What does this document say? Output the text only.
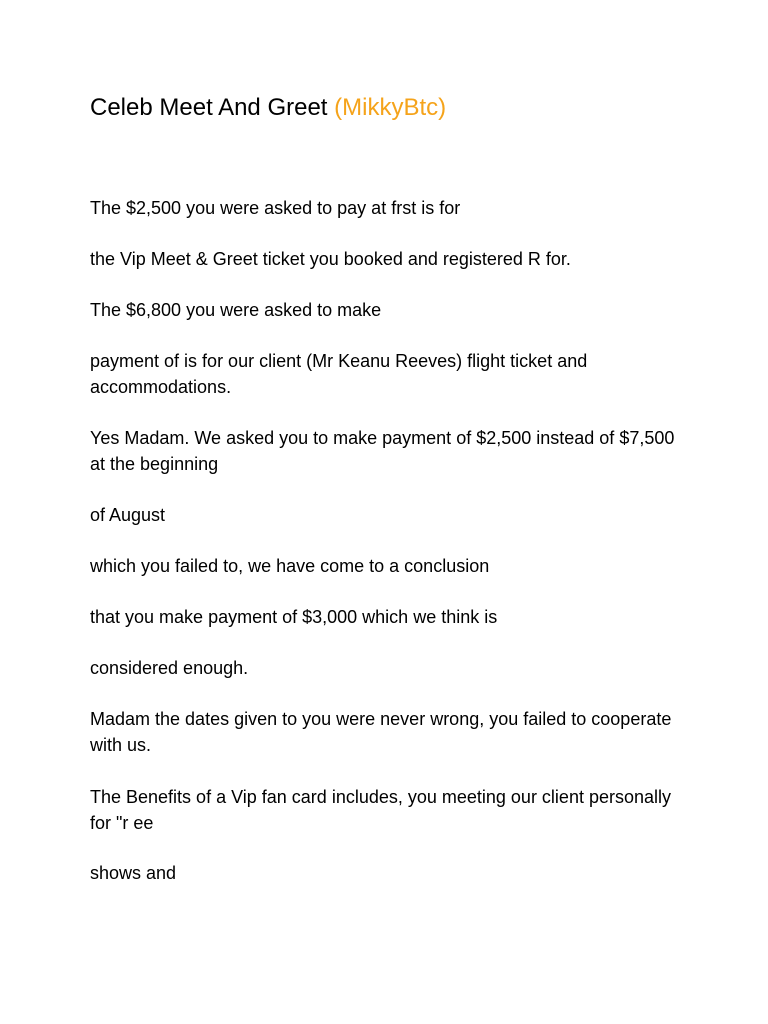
Celeb Meet And Greet (MikkyBtc)

The $2,500 you were asked to pay at frst is for

the Vip Meet & Greet ticket you booked and registered R for.

The $6,800 you were asked to make

payment of is for our client (Mr Keanu Reeves) flight ticket and accommodations.

Yes Madam. We asked you to make payment of $2,500 instead of $7,500 at the beginning

of August

which you failed to, we have come to a conclusion

that you make payment of $3,000 which we think is

considered enough.

Madam the dates given to you were never wrong, you failed to cooperate with us.

The Benefits of a Vip fan card includes, you meeting our client personally for "r ee

shows and
